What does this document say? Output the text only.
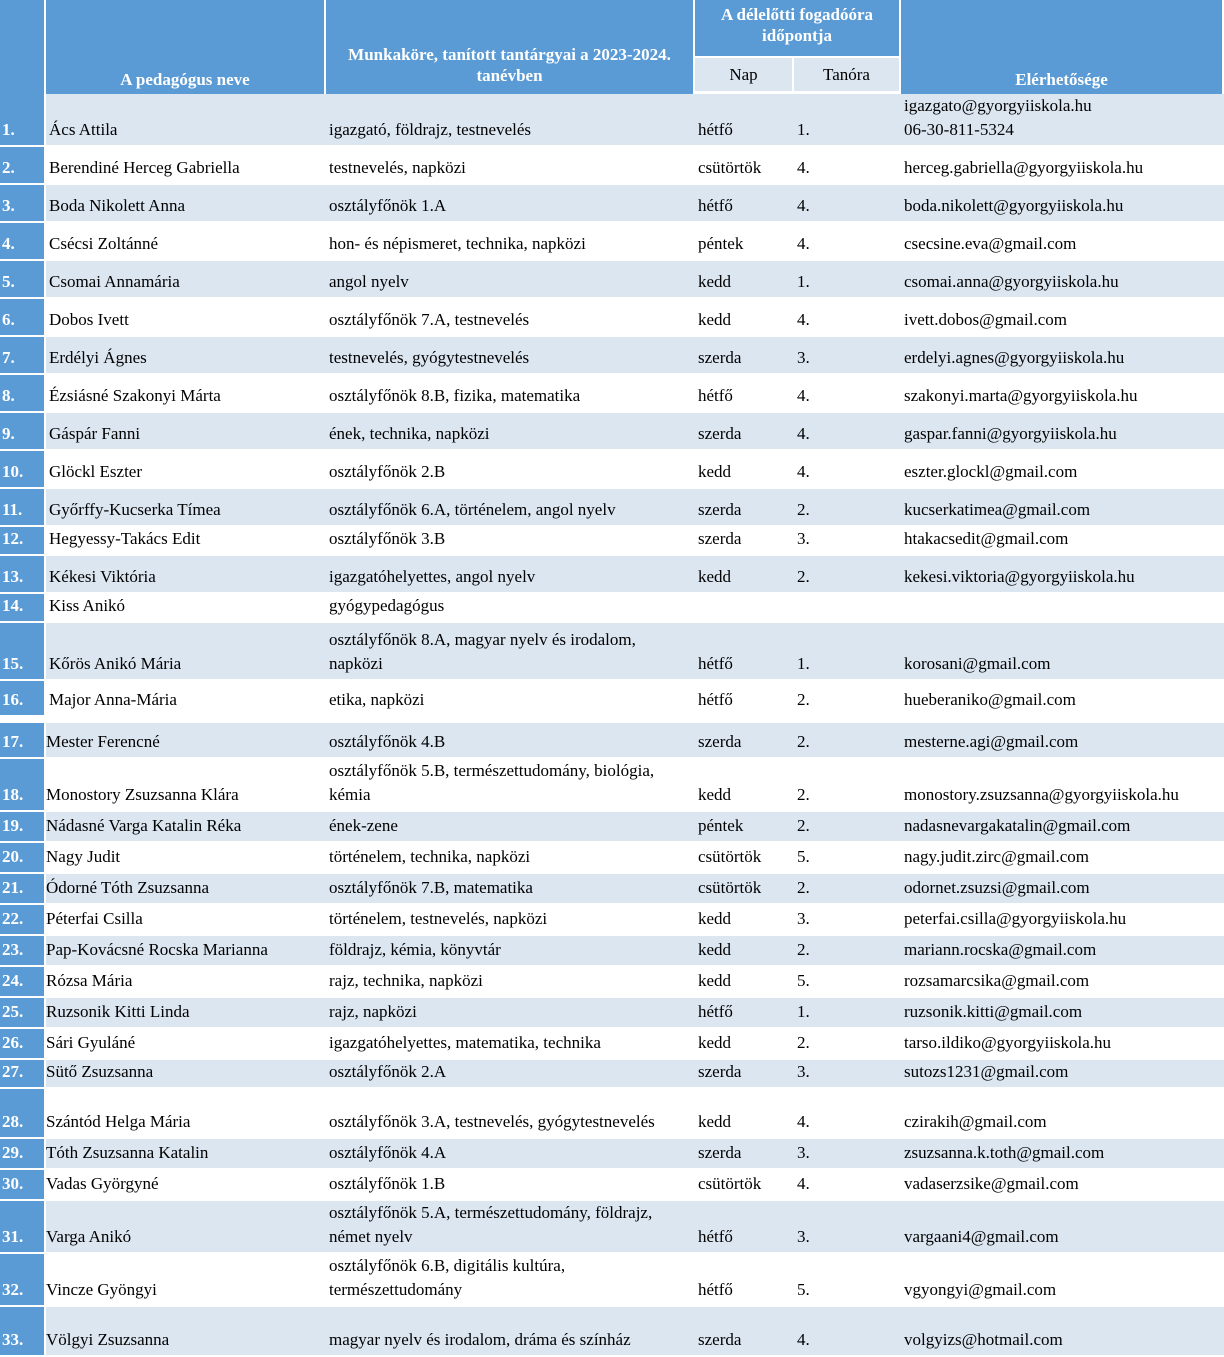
	A pedagógus neve	Munkaköre, tanított tantárgyai a 2023-2024. tanévben	A délelőtti fogadóóra időpontja		Elérhetősége
			Nap	Tanóra	
1.	Ács Attila	igazgató, földrajz, testnevelés	hétfő	1.	igazgato@gyorgyiiskola.hu
06-30-811-5324

2.	Berendiné Herceg Gabriella	testnevelés, napközi	csütörtök	4.	herceg.gabriella@gyorgyiiskola.hu

3.	Boda Nikolett Anna	osztályfőnök 1.A	hétfő	4.	boda.nikolett@gyorgyiiskola.hu

4.	Csécsi Zoltánné	hon- és népismeret, technika, napközi	péntek	4.	csecsine.eva@gmail.com

5.	Csomai Annamária	angol nyelv	kedd	1.	csomai.anna@gyorgyiiskola.hu

6.	Dobos Ivett	osztályfőnök 7.A, testnevelés	kedd	4.	ivett.dobos@gmail.com

7.	Erdélyi Ágnes	testnevelés, gyógytestnevelés	szerda	3.	erdelyi.agnes@gyorgyiiskola.hu

8.	Ézsiásné Szakonyi Márta	osztályfőnök 8.B, fizika, matematika	hétfő	4.	szakonyi.marta@gyorgyiiskola.hu

9.	Gáspár Fanni	ének, technika, napközi	szerda	4.	gaspar.fanni@gyorgyiiskola.hu

10.	Glöckl Eszter	osztályfőnök 2.B	kedd	4.	eszter.glockl@gmail.com

11.	Győrffy-Kucserka Tímea	osztályfőnök 6.A, történelem, angol nyelv	szerda	2.	kucserkatimea@gmail.com

12.	Hegyessy-Takács Edit	osztályfőnök 3.B	szerda	3.	htakacsedit@gmail.com

13.	Kékesi Viktória	igazgatóhelyettes, angol nyelv	kedd	2.	kekesi.viktoria@gyorgyiiskola.hu

14.	Kiss Anikó	gyógypedagógus			

15.	Kőrös Anikó Mária	osztályfőnök 8.A, magyar nyelv és irodalom, napközi	hétfő	1.	korosani@gmail.com

16.	Major Anna-Mária	etika, napközi	hétfő	2.	hueberaniko@gmail.com

17.	Mester Ferencné	osztályfőnök 4.B	szerda	2.	mesterne.agi@gmail.com

18.	Monostory Zsuzsanna Klára	osztályfőnök 5.B, természettudomány, biológia, kémia	kedd	2.	monostory.zsuzsanna@gyorgyiiskola.hu

19.	Nádasné Varga Katalin Réka	ének-zene	péntek	2.	nadasnevargakatalin@gmail.com

20.	Nagy Judit	történelem, technika, napközi	csütörtök	5.	nagy.judit.zirc@gmail.com

21.	Ódorné Tóth Zsuzsanna	osztályfőnök 7.B, matematika	csütörtök	2.	odornet.zsuzsi@gmail.com

22.	Péterfai Csilla	történelem, testnevelés, napközi	kedd	3.	peterfai.csilla@gyorgyiiskola.hu

23.	Pap-Kovácsné Rocska Marianna	földrajz, kémia, könyvtár	kedd	2.	mariann.rocska@gmail.com

24.	Rózsa Mária	rajz, technika, napközi	kedd	5.	rozsamarcsika@gmail.com

25.	Ruzsonik Kitti Linda	rajz, napközi	hétfő	1.	ruzsonik.kitti@gmail.com

26.	Sári Gyuláné	igazgatóhelyettes, matematika, technika	kedd	2.	tarso.ildiko@gyorgyiiskola.hu

27.	Sütő Zsuzsanna	osztályfőnök 2.A	szerda	3.	sutozs1231@gmail.com

28.	Szántód Helga Mária	osztályfőnök 3.A, testnevelés, gyógytestnevelés	kedd	4.	czirakih@gmail.com

29.	Tóth Zsuzsanna Katalin	osztályfőnök 4.A	szerda	3.	zsuzsanna.k.toth@gmail.com

30.	Vadas Györgyné	osztályfőnök 1.B	csütörtök	4.	vadaserzsike@gmail.com

31.	Varga Anikó	osztályfőnök 5.A, természettudomány, földrajz, német nyelv	hétfő	3.	vargaani4@gmail.com

32.	Vincze Gyöngyi	osztályfőnök 6.B, digitális kultúra, természettudomány	hétfő	5.	vgyongyi@gmail.com

33.	Völgyi Zsuzsanna	magyar nyelv és irodalom, dráma és színház	szerda	4.	volgyizs@hotmail.com
